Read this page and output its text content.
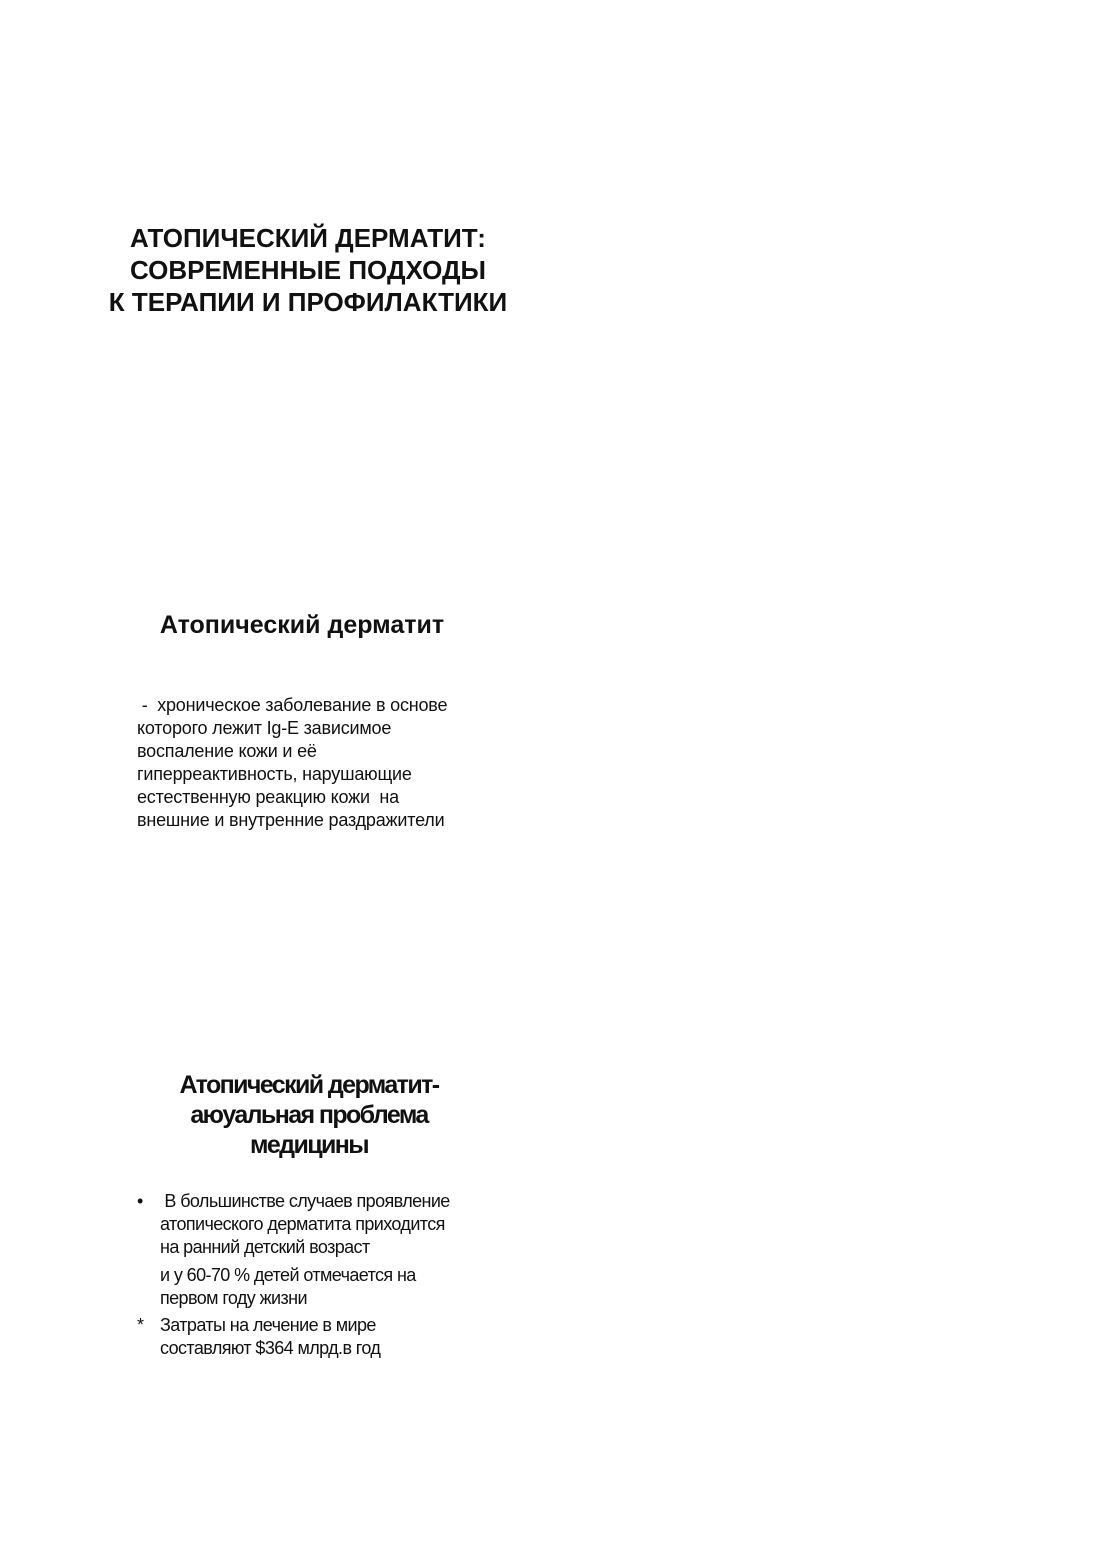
АТОПИЧЕСКИЙ ДЕРМАТИТ:
СОВРЕМЕННЫЕ ПОДХОДЫ
К ТЕРАПИИ И ПРОФИЛАКТИКИ
Атопический дерматит
-  хроническое заболевание в основе
которого лежит Ig-E зависимое
воспаление кожи и её
гиперреактивность, нарушающие
естественную реакцию кожи  на
внешние и внутренние раздражители
Атопический дерматит-
аюуальная проблема
медицины
• В большинстве случаев проявление
атопического дерматита приходится
на ранний детский возраст
и у 60-70 % детей отмечается на
первом году жизни
* Затраты на лечение в мире
составляют $364 млрд.в год
